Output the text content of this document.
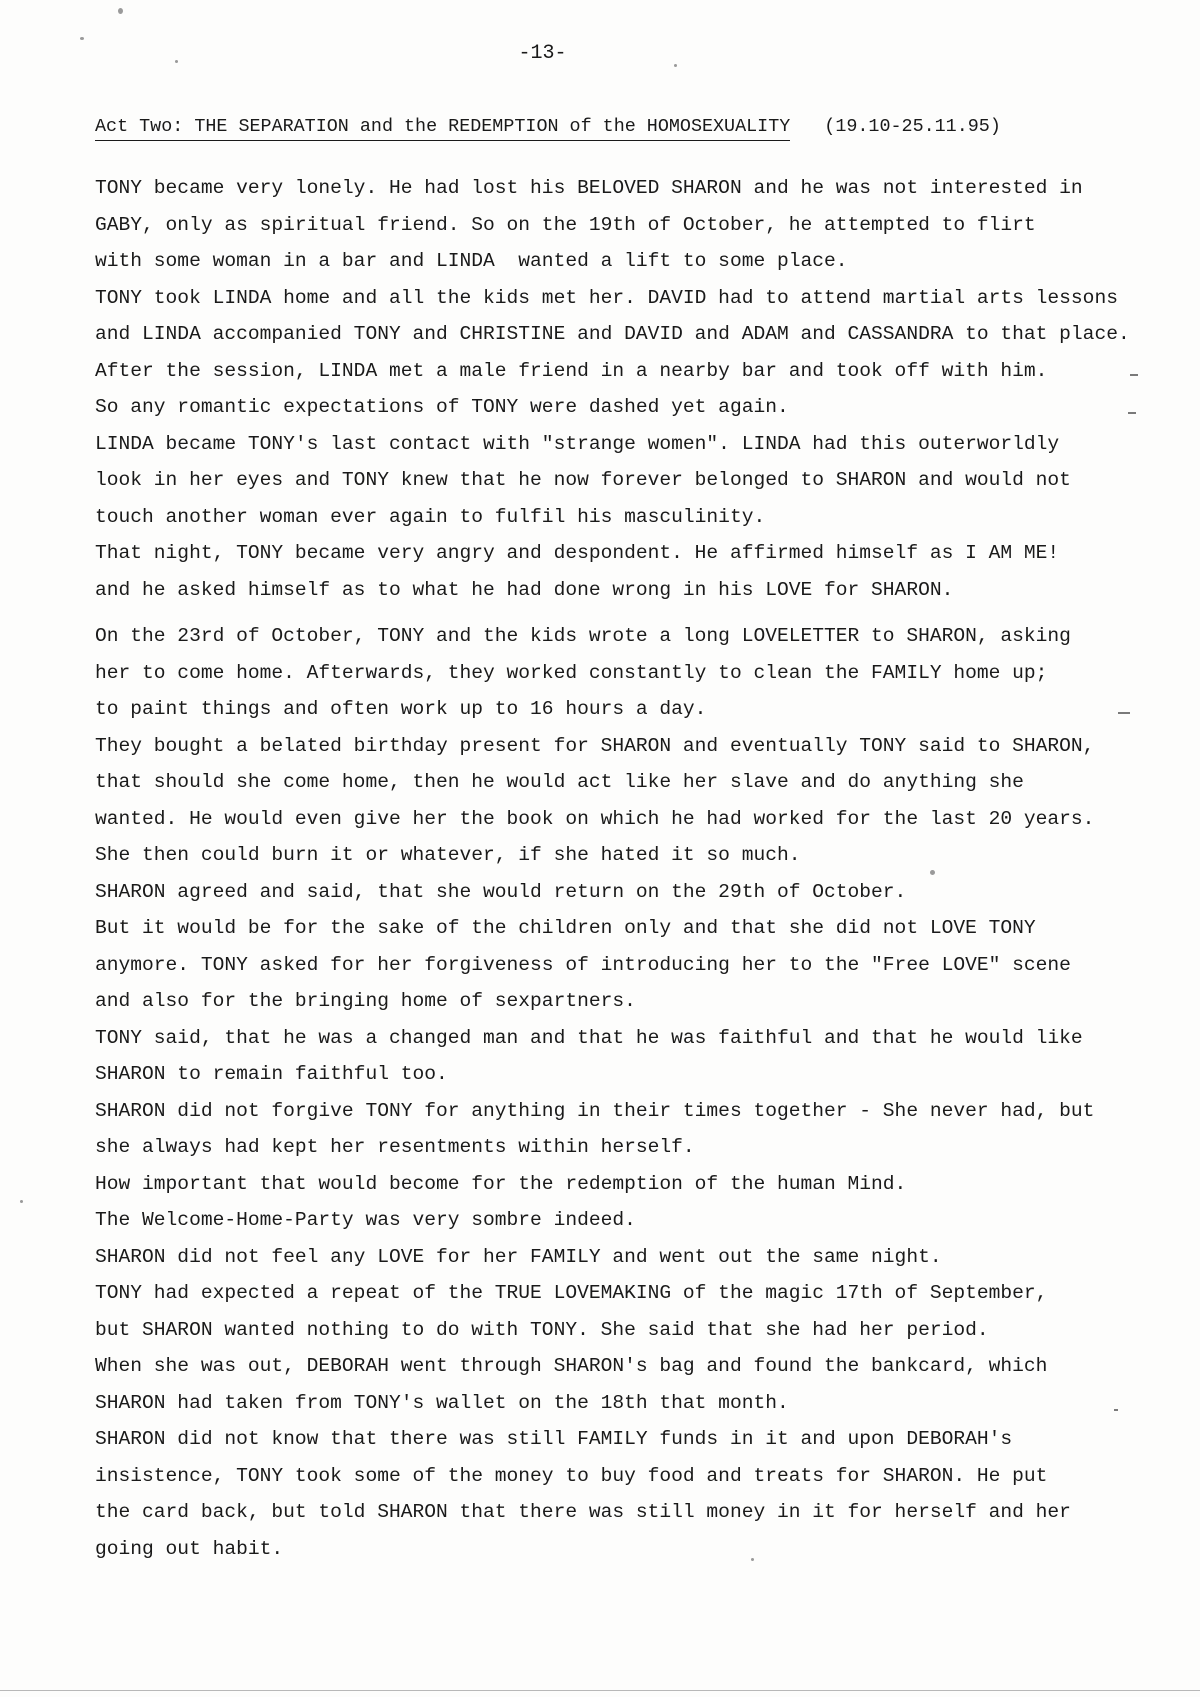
-13-
Act Two: THE SEPARATION and the REDEMPTION of the HOMOSEXUALITY (19.10-25.11.95)
TONY became very lonely. He had lost his BELOVED SHARON and he was not interested in
GABY, only as spiritual friend. So on the 19th of October, he attempted to flirt
with some woman in a bar and LINDA  wanted a lift to some place.
TONY took LINDA home and all the kids met her. DAVID had to attend martial arts lessons
and LINDA accompanied TONY and CHRISTINE and DAVID and ADAM and CASSANDRA to that place.
After the session, LINDA met a male friend in a nearby bar and took off with him.
So any romantic expectations of TONY were dashed yet again.
LINDA became TONY's last contact with "strange women". LINDA had this outerworldly
look in her eyes and TONY knew that he now forever belonged to SHARON and would not
touch another woman ever again to fulfil his masculinity.
That night, TONY became very angry and despondent. He affirmed himself as I AM ME!
and he asked himself as to what he had done wrong in his LOVE for SHARON.
On the 23rd of October, TONY and the kids wrote a long LOVELETTER to SHARON, asking
her to come home. Afterwards, they worked constantly to clean the FAMILY home up;
to paint things and often work up to 16 hours a day.
They bought a belated birthday present for SHARON and eventually TONY said to SHARON,
that should she come home, then he would act like her slave and do anything she
wanted. He would even give her the book on which he had worked for the last 20 years.
She then could burn it or whatever, if she hated it so much.
SHARON agreed and said, that she would return on the 29th of October.
But it would be for the sake of the children only and that she did not LOVE TONY
anymore. TONY asked for her forgiveness of introducing her to the "Free LOVE" scene
and also for the bringing home of sexpartners.
TONY said, that he was a changed man and that he was faithful and that he would like
SHARON to remain faithful too.
SHARON did not forgive TONY for anything in their times together - She never had, but
she always had kept her resentments within herself.
How important that would become for the redemption of the human Mind.
The Welcome-Home-Party was very sombre indeed.
SHARON did not feel any LOVE for her FAMILY and went out the same night.
TONY had expected a repeat of the TRUE LOVEMAKING of the magic 17th of September,
but SHARON wanted nothing to do with TONY. She said that she had her period.
When she was out, DEBORAH went through SHARON's bag and found the bankcard, which
SHARON had taken from TONY's wallet on the 18th that month.
SHARON did not know that there was still FAMILY funds in it and upon DEBORAH's
insistence, TONY took some of the money to buy food and treats for SHARON. He put
the card back, but told SHARON that there was still money in it for herself and her
going out habit.
